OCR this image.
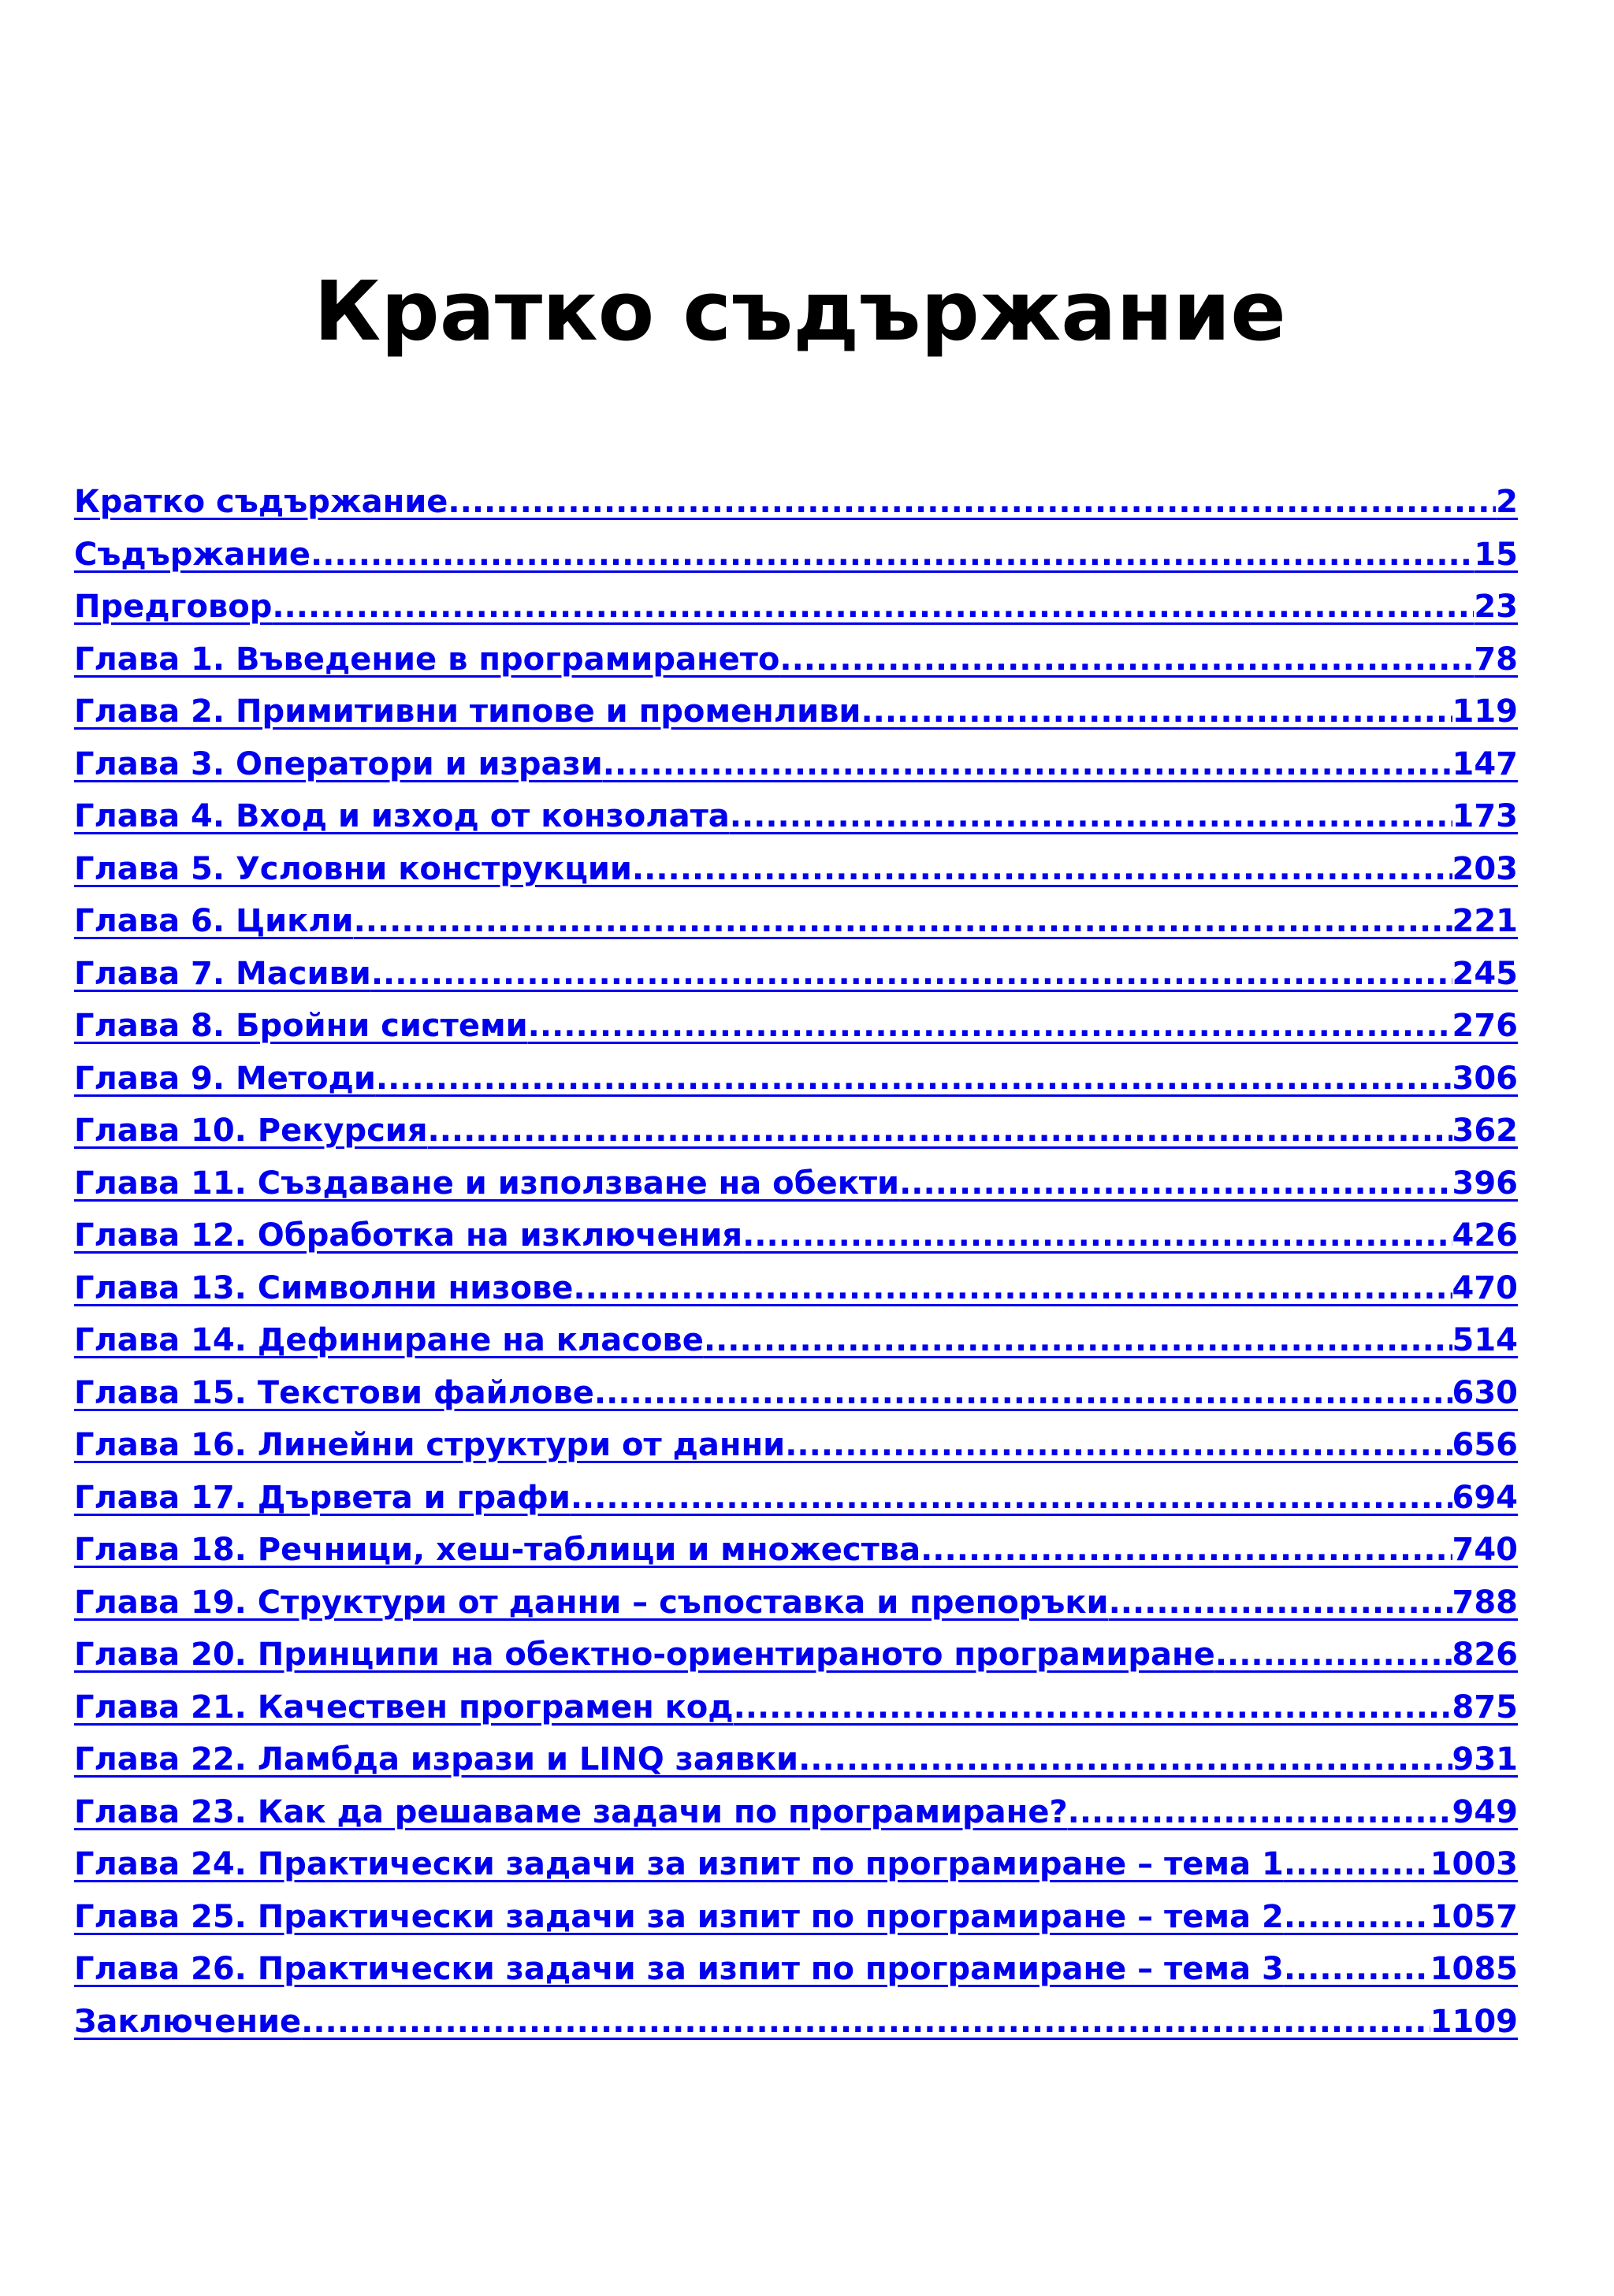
Кратко съдържание
Кратко съдържание .....	2
Съдържание .....	15
Предговор .....	23
Глава 1. Въведение в програмирането .....	78
Глава 2. Примитивни типове и променливи .....	119
Глава 3. Оператори и изрази .....	147
Глава 4. Вход и изход от конзолата .....	173
Глава 5. Условни конструкции .....	203
Глава 6. Цикли .....	221
Глава 7. Масиви .....	245
Глава 8. Бройни системи .....	276
Глава 9. Методи .....	306
Глава 10. Рекурсия .....	362
Глава 11. Създаване и използване на обекти .....	396
Глава 12. Обработка на изключения .....	426
Глава 13. Символни низове .....	470
Глава 14. Дефиниране на класове .....	514
Глава 15. Текстови файлове .....	630
Глава 16. Линейни структури от данни .....	656
Глава 17. Дървета и графи .....	694
Глава 18. Речници, хеш-таблици и множества .....	740
Глава 19. Структури от данни – съпоставка и препоръки .....	788
Глава 20. Принципи на обектно-ориентираното програмиране .....	826
Глава 21. Качествен програмен код .....	875
Глава 22. Ламбда изрази и LINQ заявки .....	931
Глава 23. Как да решаваме задачи по програмиране? .....	949
Глава 24. Практически задачи за изпит по програмиране – тема 1 .....	1003
Глава 25. Практически задачи за изпит по програмиране – тема 2 .....	1057
Глава 26. Практически задачи за изпит по програмиране – тема 3 .....	1085
Заключение .....	1109
